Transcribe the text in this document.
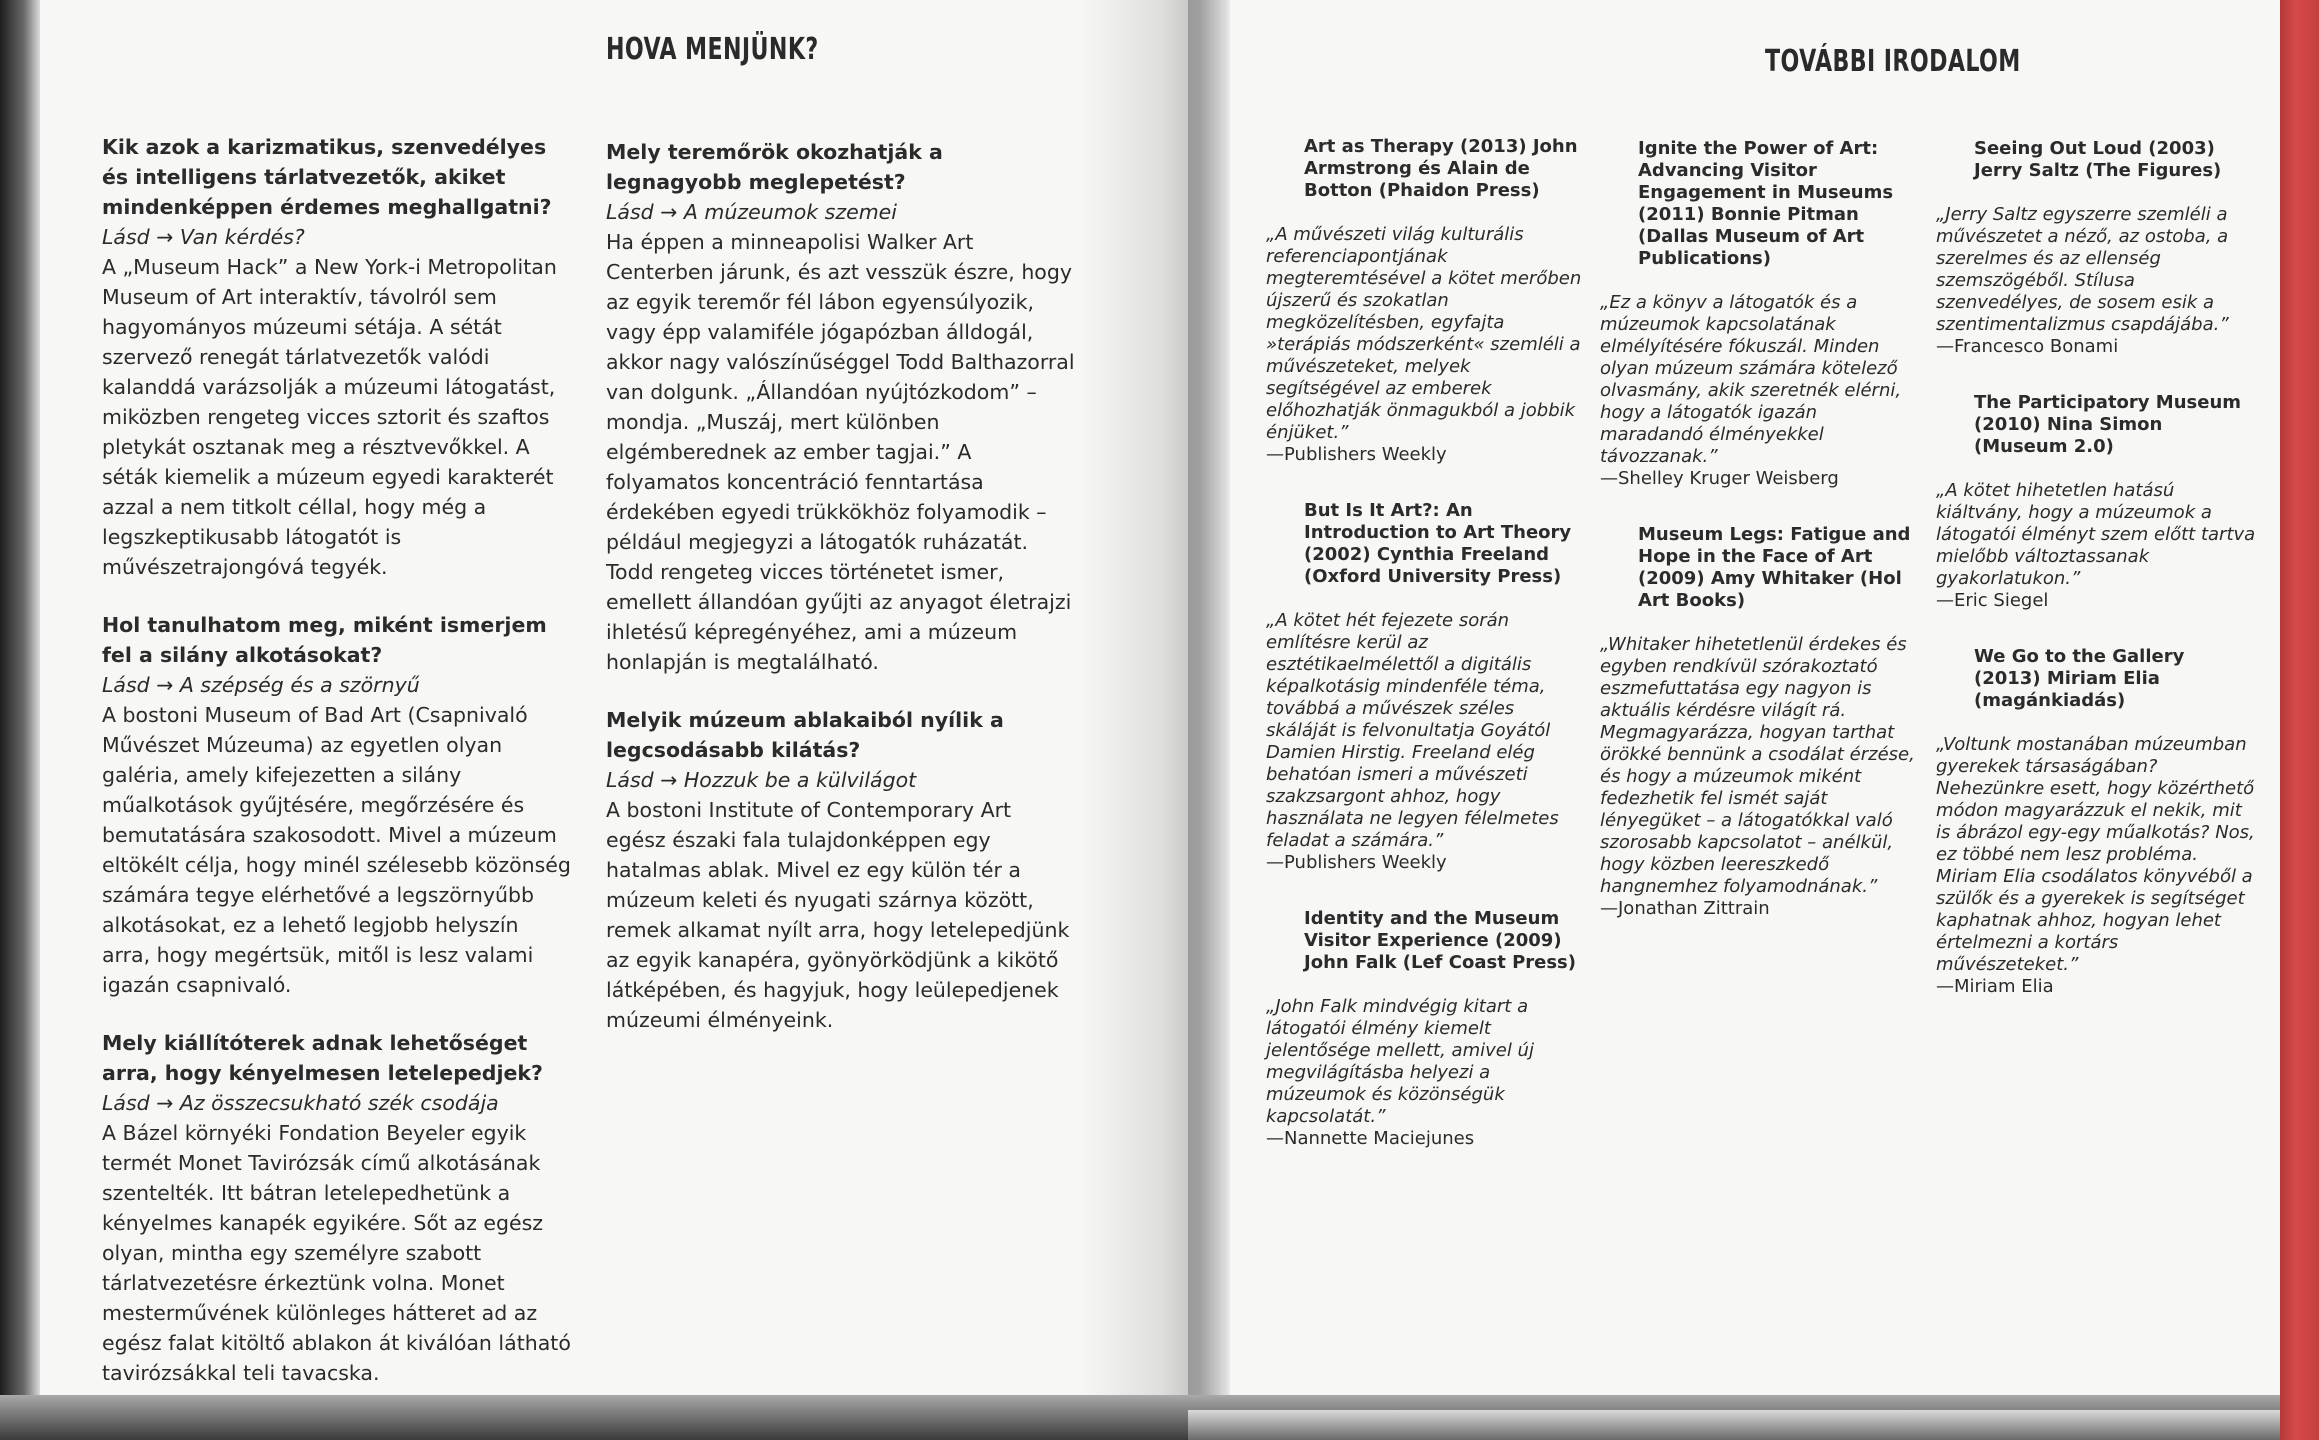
HOVA MENJÜNK?	TOVÁBBI IRODALOM
Kik azok a karizmatikus, szenvedélyes és intelligens tárlatvezetők, akiket mindenképpen érdemes meghallgatni?
Lásd → Van kérdés?
A „Museum Hack” a New York-i Metropolitan Museum of Art interaktív, távolról sem hagyományos múzeumi sétája. A sétát szervező renegát tárlatvezetők valódi kalanddá varázsolják a múzeumi látogatást, miközben rengeteg vicces sztorit és szaftos pletykát osztanak meg a résztvevőkkel. A séták kiemelik a múzeum egyedi karakterét azzal a nem titkolt céllal, hogy még a legszkeptikusabb látogatót is művészetrajongóvá tegyék.
Hol tanulhatom meg, miként ismerjem fel a silány alkotásokat?
Lásd → A szépség és a szörnyű
A bostoni Museum of Bad Art (Csapnivaló Művészet Múzeuma) az egyetlen olyan galéria, amely kifejezetten a silány műalkotások gyűjtésére, megőrzésére és bemutatására szakosodott. Mivel a múzeum eltökélt célja, hogy minél szélesebb közönség számára tegye elérhetővé a legszörnyűbb alkotásokat, ez a lehető legjobb helyszín arra, hogy megértsük, mitől is lesz valami igazán csapnivaló.
Mely kiállítóterek adnak lehetőséget arra, hogy kényelmesen letelepedjek?
Lásd → Az összecsukható szék csodája
A Bázel környéki Fondation Beyeler egyik termét Monet Tavirózsák című alkotásának szentelték. Itt bátran letelepedhetünk a kényelmes kanapék egyikére. Sőt az egész olyan, mintha egy személyre szabott tárlatvezetésre érkeztünk volna. Monet mesterművének különleges hátteret ad az egész falat kitöltő ablakon át kiválóan látható tavirózsákkal teli tavacska.
Mely teremőrök okozhatják a legnagyobb meglepetést?
Lásd → A múzeumok szemei
Ha éppen a minneapolisi Walker Art Centerben járunk, és azt vesszük észre, hogy az egyik teremőr fél lábon egyensúlyozik, vagy épp valamiféle jógapózban álldogál, akkor nagy valószínűséggel Todd Balthazorral van dolgunk. „Állandóan nyújtózkodom” – mondja. „Muszáj, mert különben elgémberednek az ember tagjai.” A folyamatos koncentráció fenntartása érdekében egyedi trükkökhöz folyamodik – például megjegyzi a látogatók ruházatát. Todd rengeteg vicces történetet ismer, emellett állandóan gyűjti az anyagot életrajzi ihletésű képregényéhez, ami a múzeum honlapján is megtalálható.
Melyik múzeum ablakaiból nyílik a legcsodásabb kilátás?
Lásd → Hozzuk be a külvilágot
A bostoni Institute of Contemporary Art egész északi fala tulajdonképpen egy hatalmas ablak. Mivel ez egy külön tér a múzeum keleti és nyugati szárnya között, remek alkamat nyílt arra, hogy letelepedjünk az egyik kanapéra, gyönyörködjünk a kikötő látképében, és hagyjuk, hogy leülepedjenek múzeumi élményeink.
Art as Therapy (2013) John Armstrong és Alain de Botton (Phaidon Press)
„A művészeti világ kulturális referenciapontjának megteremtésével a kötet merőben újszerű és szokatlan megközelítésben, egyfajta »terápiás módszerként« szemléli a művészeteket, melyek segítségével az emberek előhozhatják önmagukból a jobbik énjüket.”
—Publishers Weekly
But Is It Art?: An Introduction to Art Theory (2002) Cynthia Freeland (Oxford University Press)
„A kötet hét fejezete során említésre kerül az esztétikaelmélettől a digitális képalkotásig mindenféle téma, továbbá a művészek széles skáláját is felvonultatja Goyától Damien Hirstig. Freeland elég behatóan ismeri a művészeti szakzsargont ahhoz, hogy használata ne legyen félelmetes feladat a számára.”
—Publishers Weekly
Identity and the Museum Visitor Experience (2009) John Falk (Lef Coast Press)
„John Falk mindvégig kitart a látogatói élmény kiemelt jelentősége mellett, amivel új megvilágításba helyezi a múzeumok és közönségük kapcsolatát.”
—Nannette Maciejunes
Ignite the Power of Art: Advancing Visitor Engagement in Museums (2011) Bonnie Pitman (Dallas Museum of Art Publications)
„Ez a könyv a látogatók és a múzeumok kapcsolatának elmélyítésére fókuszál. Minden olyan múzeum számára kötelező olvasmány, akik szeretnék elérni, hogy a látogatók igazán maradandó élményekkel távozzanak.”
—Shelley Kruger Weisberg
Museum Legs: Fatigue and Hope in the Face of Art (2009) Amy Whitaker (Hol Art Books)
„Whitaker hihetetlenül érdekes és egyben rendkívül szórakoztató eszmefuttatása egy nagyon is aktuális kérdésre világít rá. Megmagyarázza, hogyan tarthat örökké bennünk a csodálat érzése, és hogy a múzeumok miként fedezhetik fel ismét saját lényegüket – a látogatókkal való szorosabb kapcsolatot – anélkül, hogy közben leereszkedő hangnemhez folyamodnának.”
—Jonathan Zittrain
Seeing Out Loud (2003) Jerry Saltz (The Figures)
„Jerry Saltz egyszerre szemléli a művészetet a néző, az ostoba, a szerelmes és az ellenség szemszögéből. Stílusa szenvedélyes, de sosem esik a szentimentalizmus csapdájába.”
—Francesco Bonami
The Participatory Museum (2010) Nina Simon (Museum 2.0)
„A kötet hihetetlen hatású kiáltvány, hogy a múzeumok a látogatói élményt szem előtt tartva mielőbb változtassanak gyakorlatukon.”
—Eric Siegel
We Go to the Gallery (2013) Miriam Elia (magánkiadás)
„Voltunk mostanában múzeumban gyerekek társaságában? Nehezünkre esett, hogy közérthető módon magyarázzuk el nekik, mit is ábrázol egy-egy műalkotás? Nos, ez többé nem lesz probléma. Miriam Elia csodálatos könyvéből a szülők és a gyerekek is segítséget kaphatnak ahhoz, hogyan lehet értelmezni a kortárs művészeteket.”
—Miriam Elia
